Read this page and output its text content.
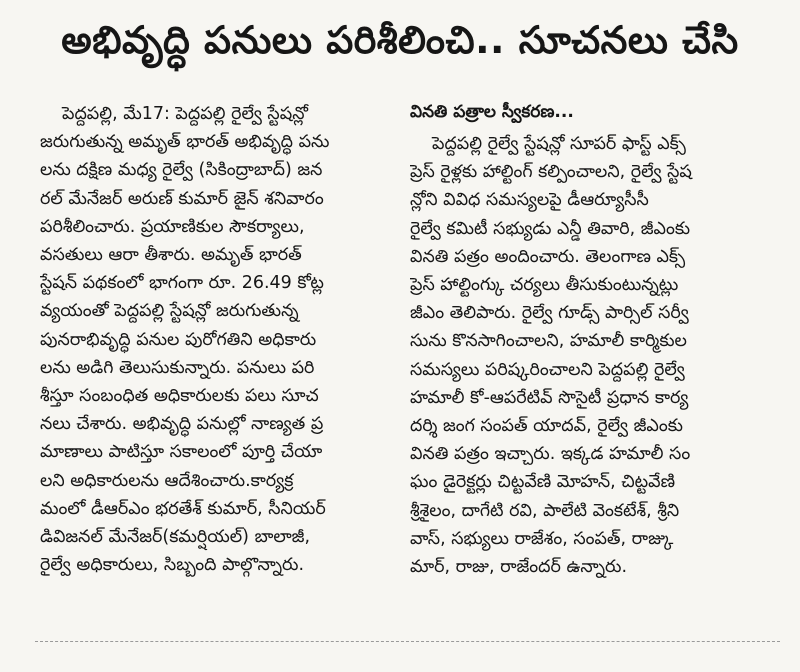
అభివృద్ధి పనులు పరిశీలించి.. సూచనలు చేసి
పెద్దపల్లి, మే17: పెద్దపల్లి రైల్వే స్టేషన్లో
జరుగుతున్న అమృత్ భారత్ అభివృద్ధి పను
లను దక్షిణ మధ్య రైల్వే (సికింద్రాబాద్) జన
రల్ మేనేజర్ అరుణ్ కుమార్ జైన్ శనివారం
పరిశీలించారు. ప్రయాణికుల సౌకర్యాలు,
వసతులు ఆరా తీశారు. అమృత్ భారత్
స్టేషన్ పథకంలో భాగంగా రూ. 26.49 కోట్ల
వ్యయంతో పెద్దపల్లి స్టేషన్లో జరుగుతున్న
పునరాభివృద్ధి పనుల పురోగతిని అధికారు
లను అడిగి తెలుసుకున్నారు. పనులు పరి
శీస్తూ సంబంధిత అధికారులకు పలు సూచ
నలు చేశారు. అభివృద్ధి పనుల్లో నాణ్యత ప్ర
మాణాలు పాటిస్తూ సకాలంలో పూర్తి చేయా
లని అధికారులను ఆదేశించారు.కార్యక్ర
మంలో డీఆర్ఎం భరతేశ్ కుమార్, సీనియర్
డివిజనల్ మేనేజర్(కమర్షియల్) బాలాజీ,
రైల్వే అధికారులు, సిబ్బంది పాల్గొన్నారు.
వినతి పత్రాల స్వీకరణ...
పెద్దపల్లి రైల్వే స్టేషన్లో సూపర్ ఫాస్ట్ ఎక్స్
ప్రెస్ రైళ్లకు హాల్టింగ్ కల్పించాలని, రైల్వే స్టేష
న్లోని వివిధ సమస్యలపై డీఆర్యూసీసీ
రైల్వే కమిటీ సభ్యుడు ఎన్డీ తివారి, జీఎంకు
వినతి పత్రం అందించారు. తెలంగాణ ఎక్స్
ప్రెస్ హాల్టింగ్కు చర్యలు తీసుకుంటున్నట్లు
జీఎం తెలిపారు. రైల్వే గూడ్స్ పార్సిల్ సర్వీ
సును కొనసాగించాలని, హమాలీ కార్మికుల
సమస్యలు పరిష్కరించాలని పెద్దపల్లి రైల్వే
హమాలీ కో-ఆపరేటివ్ సొసైటీ ప్రధాన కార్య
దర్శి జంగ సంపత్ యాదవ్, రైల్వే జీఎంకు
వినతి పత్రం ఇచ్చారు. ఇక్కడ హమాలీ సం
ఘం డైరెక్టర్లు చిట్టవేణి మోహన్, చిట్టవేణి
శ్రీశైలం, దాగేటి రవి, పాలేటి వెంకటేశ్, శ్రీని
వాస్, సభ్యులు రాజేశం, సంపత్, రాజ్కు
మార్, రాజు, రాజేందర్ ఉన్నారు.
